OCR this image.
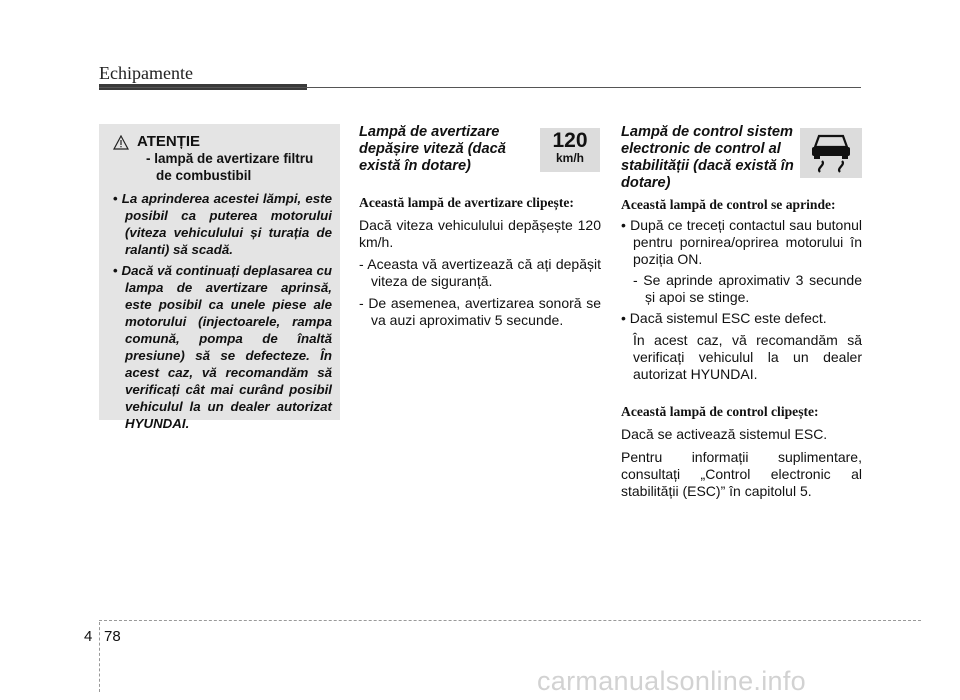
Echipamente
ATENȚIE
- lampă de avertizare filtru de combustibil
• La aprinderea acestei lămpi, este posibil ca puterea motorului (viteza vehiculului și turația de ralanti) să scadă.
• Dacă vă continuați deplasarea cu lampa de avertizare aprinsă, este posibil ca unele piese ale motorului (injectoarele, rampa comună, pompa de înaltă presiune) să se defecteze. În acest caz, vă recomandăm să verificați cât mai curând posibil vehiculul la un dealer autorizat HYUNDAI.
Lampă de avertizare depășire viteză (dacă există în dotare)
120
km/h
Această lampă de avertizare clipește:
Dacă viteza vehiculului depășește 120 km/h.
- Aceasta vă avertizează că ați depășit viteza de siguranță.
- De asemenea, avertizarea sonoră se va auzi aproximativ 5 secunde.
Lampă de control sistem electronic de control al stabilității (dacă există în dotare)
Această lampă de control se aprinde:
• După ce treceți contactul sau butonul pentru pornirea/oprirea motorului în poziția ON.
- Se aprinde aproximativ 3 secunde și apoi se stinge.
• Dacă sistemul ESC este defect.
În acest caz, vă recomandăm să verificați vehiculul la un dealer autorizat HYUNDAI.
Această lampă de control clipește:
Dacă se activează sistemul ESC.
Pentru informații suplimentare, consultați „Control electronic al stabilității (ESC)” în capitolul 5.
4 78
carmanualsonline.info
